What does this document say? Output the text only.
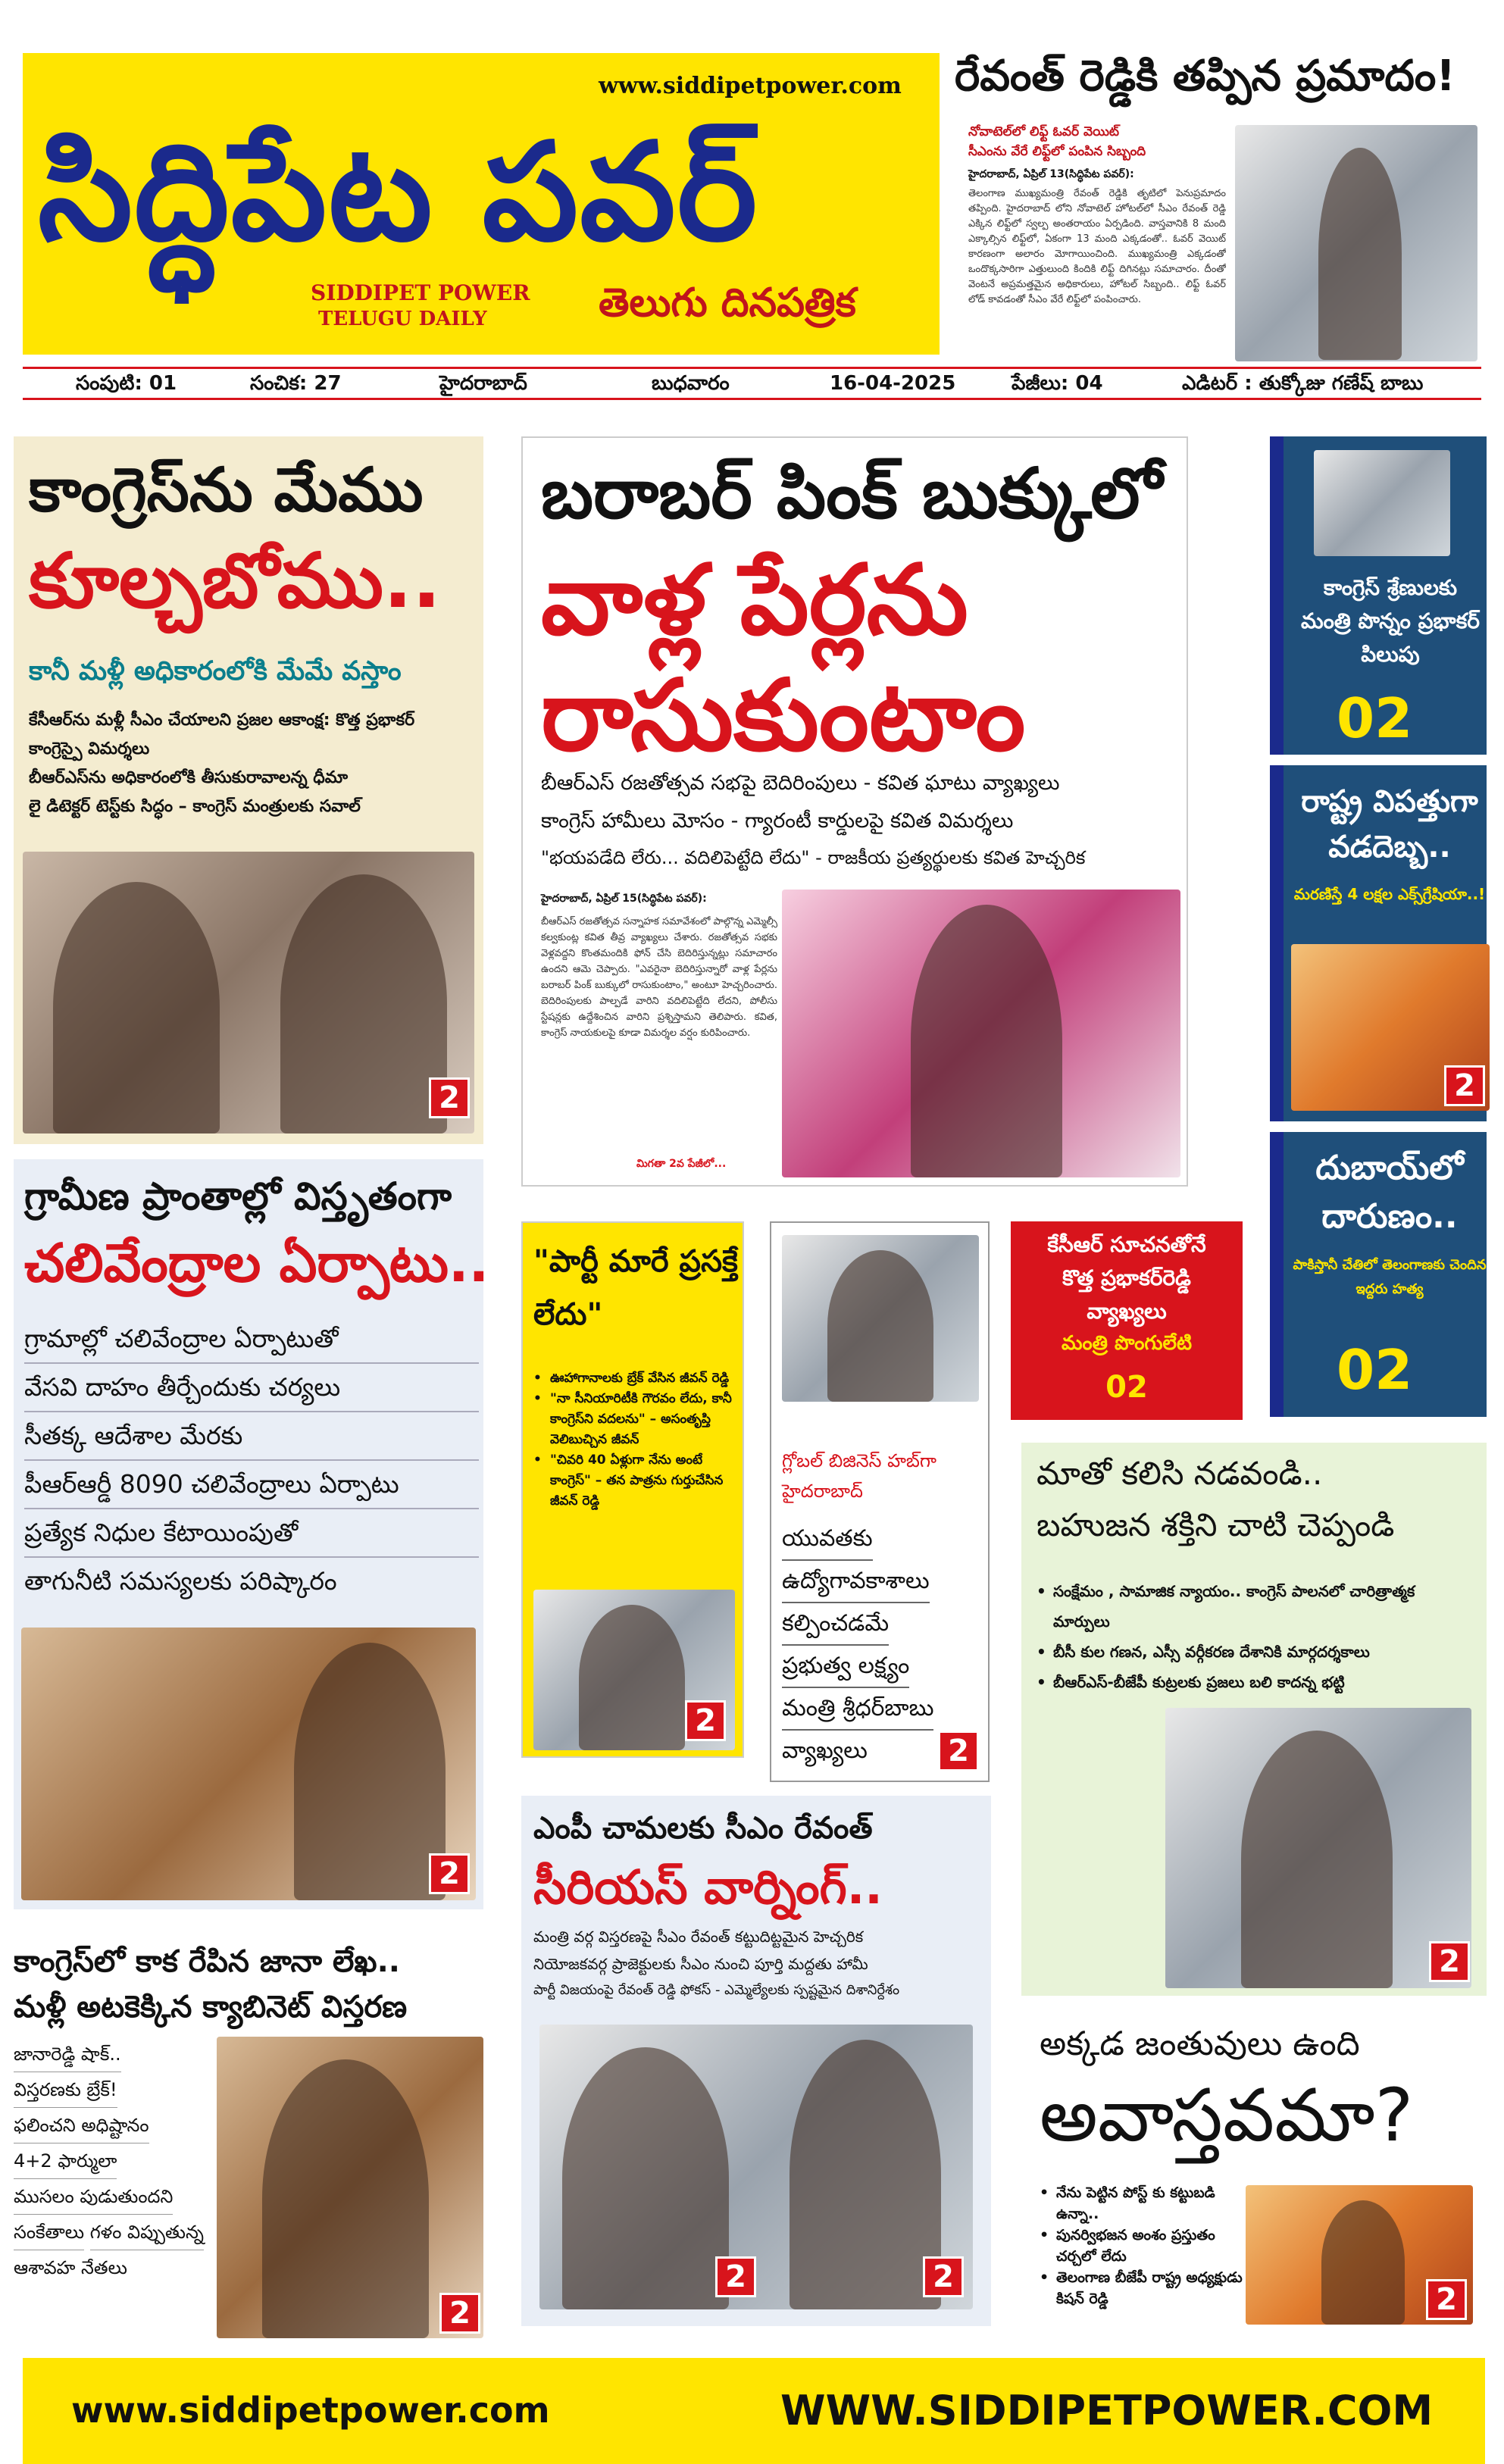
www.siddipetpower.com
సిద్ధిపేట పవర్
SIDDIPET POWER
TELUGU DAILY	తెలుగు దినపత్రిక
రేవంత్ రెడ్డికి తప్పిన ప్రమాదం!
నోవాటెల్‌లో లిఫ్ట్ ఓవర్ వెయిట్
సీఎంను వేరే లిఫ్ట్‌లో పంపిన సిబ్బంది
హైదరాబాద్, ఏప్రిల్ 13(సిద్ధిపేట పవర్):
తెలంగాణ ముఖ్యమంత్రి రేవంత్ రెడ్డికి తృటిలో పెనుప్రమాదం తప్పింది. హైదరాబాద్ లోని నోవాటెల్ హోటల్‌లో సీఎం రేవంత్ రెడ్డి ఎక్కిన లిఫ్ట్‌లో స్వల్ప అంతరాయం ఏర్పడింది. వాస్తవానికి 8 మంది ఎక్కాల్సిన లిఫ్ట్‌లో, ఏకంగా 13 మంది ఎక్కడంతో.. ఓవర్ వెయిట్ కారణంగా అలారం మోగాయించింది. ముఖ్యమంత్రి ఎక్కడంతో ఒందొక్కసారిగా ఎత్తులుంది కిందికి లిఫ్ట్ దిగినట్లు సమాచారం. దీంతో వెంటనే అప్రమత్తమైన అధికారులు, హోటల్ సిబ్బంది.. లిఫ్ట్ ఓవర్ లోడ్ కావడంతో సీఎం వేరే లిఫ్ట్‌లో పంపించారు.
సంపుటి: 01	సంచిక: 27	హైదరాబాద్	బుధవారం	16-04-2025	పేజీలు: 04	ఎడిటర్ : తుక్కోజు గణేష్ బాబు
కాంగ్రెస్‌ను మేము
కూల్చబోము..
కానీ మళ్లీ అధికారంలోకి మేమే వస్తాం
కేసీఆర్‌ను మళ్లీ సీఎం చేయాలని ప్రజల ఆకాంక్ష: కొత్త ప్రభాకర్
కాంగ్రెస్పై విమర్శలు
బీఆర్ఎస్‌ను అధికారంలోకి తీసుకురావాలన్న ధీమా
లై డిటెక్టర్ టెస్ట్‌కు సిద్ధం – కాంగ్రెస్ మంత్రులకు సవాల్
2
బరాబర్ పింక్ బుక్కులో
వాళ్ల పేర్లను
రాసుకుంటాం
బీఆర్ఎస్ రజతోత్సవ సభపై బెదిరింపులు - కవిత ఘాటు వ్యాఖ్యలు
కాంగ్రెస్ హామీలు మోసం - గ్యారంటీ కార్డులపై కవిత విమర్శలు
"భయపడేది లేరు... వదిలిపెట్టేది లేదు" - రాజకీయ ప్రత్యర్థులకు కవిత హెచ్చరిక
హైదరాబాద్, ఏప్రిల్ 15(సిద్ధిపేట పవర్):
బీఆర్ఎస్ రజతోత్సవ సన్నాహక సమావేశంలో పాల్గొన్న ఎమ్మెల్సీ కల్వకుంట్ల కవిత తీవ్ర వ్యాఖ్యలు చేశారు. రజతోత్సవ సభకు వెళ్లవద్దని కొంతమందికి ఫోన్ చేసి బెదిరిస్తున్నట్లు సమాచారం ఉందని ఆమె చెప్పారు. "ఎవరైనా బెదిరిస్తున్నారో వాళ్ల పేర్లను బరాబర్ పింక్ బుక్కులో రాసుకుంటాం," అంటూ హెచ్చరించారు. బెదిరింపులకు పాల్పడే వారిని వదిలిపెట్టేది లేదని, పోలీసు స్టేషన్లకు ఉద్దేశించిన వారిని ప్రశ్నిస్తామని తెలిపారు. కవిత, కాంగ్రెస్ నాయకులపై కూడా విమర్శల వర్షం కురిపించారు.
మిగతా 2వ పేజీలో...
కాంగ్రెస్ శ్రేణులకు మంత్రి పొన్నం ప్రభాకర్ పిలుపు
02
రాష్ట్ర విపత్తుగా వడదెబ్బ..
మరణిస్తే 4 లక్షల ఎక్స్‌గ్రేషియా..!
2
దుబాయ్‌లో దారుణం..
పాకిస్తానీ చేతిలో తెలంగాణకు చెందిన ఇద్దరు హత్య
02
గ్రామీణ ప్రాంతాల్లో విస్తృతంగా
చలివేంద్రాల ఏర్పాటు..
గ్రామాల్లో చలివేంద్రాల ఏర్పాటుతో
వేసవి దాహం తీర్చేందుకు చర్యలు
సీతక్క ఆదేశాల మేరకు
పీఆర్ఆర్డీ 8090 చలివేంద్రాలు ఏర్పాటు
ప్రత్యేక నిధుల కేటాయింపుతో
తాగునీటి సమస్యలకు పరిష్కారం
2
"పార్టీ మారే ప్రసక్తే లేదు"
• ఊహాగానాలకు బ్రేక్ వేసిన జీవన్ రెడ్డి
• "నా సీనియారిటీకి గౌరవం లేదు, కానీ కాంగ్రెస్‌ని వదలను" – అసంతృప్తి వెలిబుచ్చిన జీవన్
• "చివరి 40 ఏళ్లుగా నేను అంటే కాంగ్రెస్" – తన పాత్రను గుర్తుచేసిన జీవన్ రెడ్డి
2
గ్లోబల్ బిజినెస్ హబ్‌గా హైదరాబాద్
యువతకు ఉద్యోగావకాశాలు కల్పించడమే ప్రభుత్వ లక్ష్యం మంత్రి శ్రీధర్‌బాబు
వ్యాఖ్యలు	2
కేసీఆర్ సూచనతోనే
కొత్త ప్రభాకర్‌రెడ్డి
వ్యాఖ్యలు
మంత్రి పొంగులేటి
02
మాతో కలిసి నడవండి..
బహుజన శక్తిని చాటి చెప్పండి
• సంక్షేమం , సామాజిక న్యాయం.. కాంగ్రెస్ పాలనలో చారిత్రాత్మక మార్పులు
• బీసీ కుల గణన, ఎస్సీ వర్గీకరణ దేశానికి మార్గదర్శకాలు
• బీఆర్ఎస్-బీజేపీ కుట్రలకు ప్రజలు బలి కాదన్న భట్టి
2
ఎంపీ చామలకు సీఎం రేవంత్
సీరియస్ వార్నింగ్..
మంత్రి వర్గ విస్తరణపై సీఎం రేవంత్ కట్టుదిట్టమైన హెచ్చరిక
నియోజకవర్గ ప్రాజెక్టులకు సీఎం నుంచి పూర్తి మద్దతు హామీ
పార్టీ విజయంపై రేవంత్ రెడ్డి ఫోకస్ - ఎమ్మెల్యేలకు స్పష్టమైన దిశానిర్దేశం
2	2
కాంగ్రెస్‌లో కాక రేపిన జానా లేఖ..
మళ్లీ అటకెక్కిన క్యాబినెట్ విస్తరణ
జానారెడ్డి షాక్.. విస్తరణకు బ్రేక్! ఫలించని అధిష్టానం 4+2 ఫార్ములా ముసలం పుడుతుందని సంకేతాలు గళం విప్పుతున్న ఆశావహ నేతలు
2
అక్కడ జంతువులు ఉంది
అవాస్తవమా?
• నేను పెట్టిన పోస్ట్ కు కట్టుబడి ఉన్నా..
• పునర్విభజన అంశం ప్రస్తుతం చర్చలో లేదు
• తెలంగాణ బీజేపీ రాష్ట్ర అధ్యక్షుడు కిషన్ రెడ్డి	2
www.siddipetpower.com	WWW.SIDDIPETPOWER.COM
